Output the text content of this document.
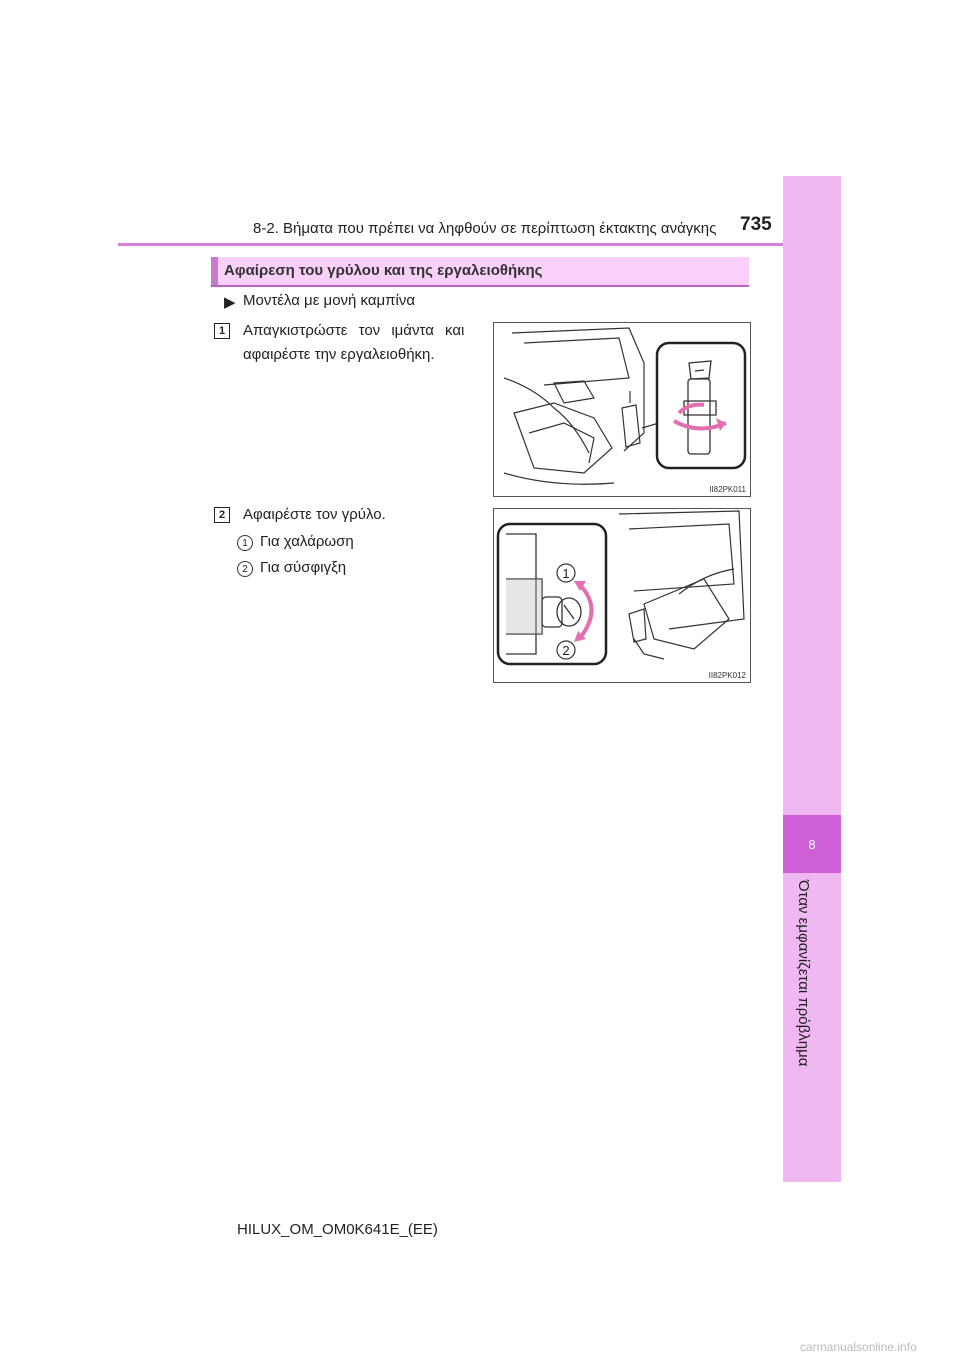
8-2. Βήματα που πρέπει να ληφθούν σε περίπτωση έκτακτης ανάγκης 735
8
Όταν εμφανίζεται πρόβλημα
Αφαίρεση του γρύλου και της εργαλειοθήκης
▶ Μοντέλα με μονή καμπίνα
1	Απαγκιστρώστε τον ιμάντα και
αφαιρέστε την εργαλειοθήκη.
II82PK011
2	Αφαιρέστε τον γρύλο.
1 Για χαλάρωση
2 Για σύσφιγξη	1
2
II82PK012
HILUX_OM_OM0K641E_(EE)
carmanualsonline.info
